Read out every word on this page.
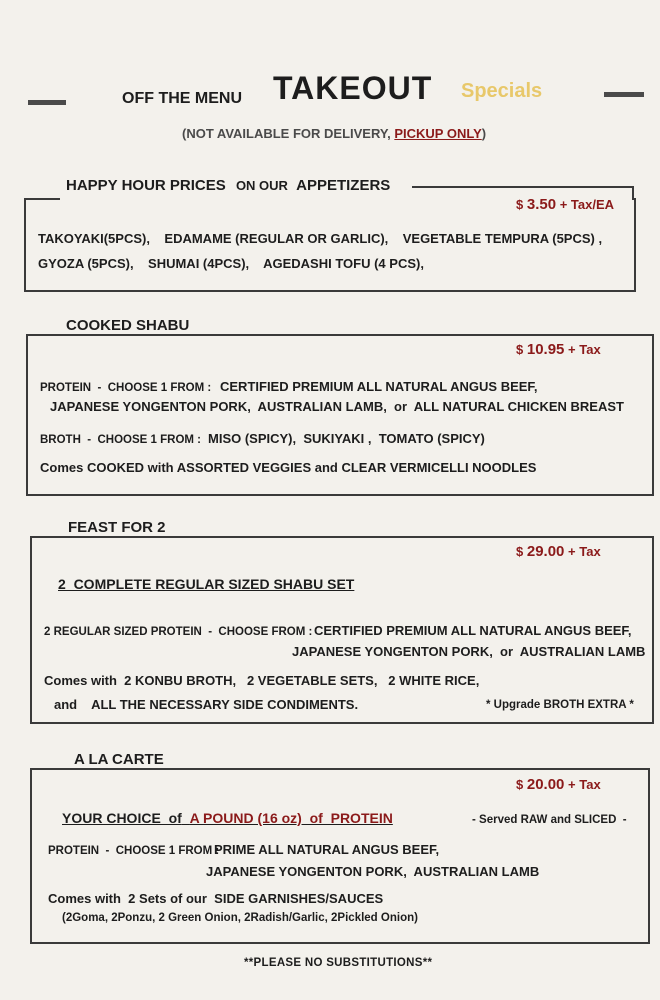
OFF THE MENU TAKEOUT Specials
(NOT AVAILABLE FOR DELIVERY, PICKUP ONLY)
HAPPY HOUR PRICES ON OUR APPETIZERS
$ 3.50 + Tax/EA
TAKOYAKI(5PCS),    EDAMAME (REGULAR OR GARLIC),    VEGETABLE TEMPURA (5PCS) ,
GYOZA (5PCS),    SHUMAI (4PCS),    AGEDASHI TOFU (4 PCS),
COOKED SHABU
$ 10.95 + Tax
PROTEIN  -  CHOOSE 1 FROM : CERTIFIED PREMIUM ALL NATURAL ANGUS BEEF,
JAPANESE YONGENTON PORK,  AUSTRALIAN LAMB,  or  ALL NATURAL CHICKEN BREAST
BROTH  -  CHOOSE 1 FROM : MISO (SPICY),  SUKIYAKI ,  TOMATO (SPICY)
Comes COOKED with ASSORTED VEGGIES and CLEAR VERMICELLI NOODLES
FEAST FOR 2
$ 29.00 + Tax
2  COMPLETE REGULAR SIZED SHABU SET
2 REGULAR SIZED PROTEIN  -  CHOOSE FROM : CERTIFIED PREMIUM ALL NATURAL ANGUS BEEF,
JAPANESE YONGENTON PORK,  or  AUSTRALIAN LAMB
Comes with  2 KONBU BROTH,   2 VEGETABLE SETS,   2 WHITE RICE,
and    ALL THE NECESSARY SIDE CONDIMENTS.	* Upgrade BROTH EXTRA *
A LA CARTE
$ 20.00 + Tax
YOUR CHOICE  of A POUND (16 oz)  of  PROTEIN	- Served RAW and SLICED  -
PROTEIN  -  CHOOSE 1 FROM :
PRIME ALL NATURAL ANGUS BEEF,
JAPANESE YONGENTON PORK,  AUSTRALIAN LAMB
Comes with  2 Sets of our SIDE GARNISHES/SAUCES
(2Goma, 2Ponzu, 2 Green Onion, 2Radish/Garlic, 2Pickled Onion)
**PLEASE NO SUBSTITUTIONS**
